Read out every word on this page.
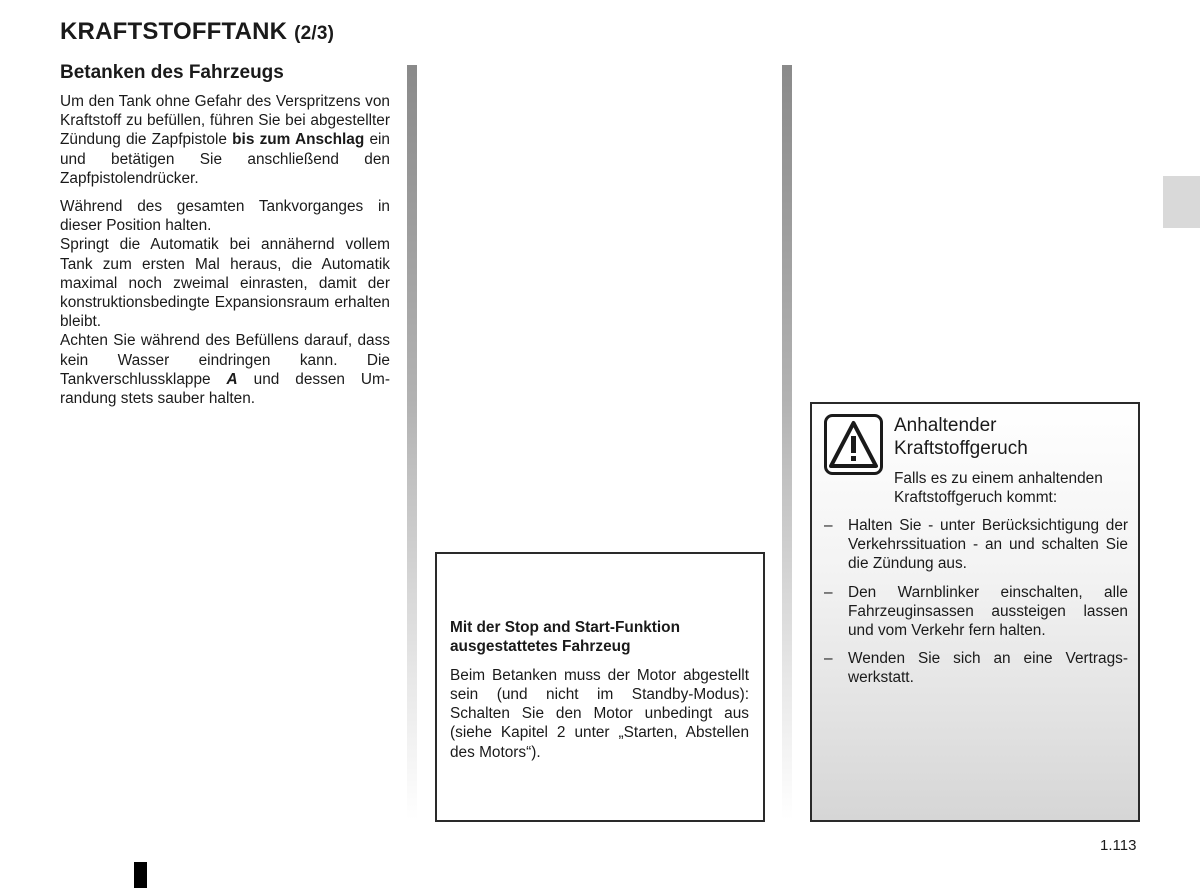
KRAFTSTOFFTANK (2/3)
Betanken des Fahrzeugs

Um den Tank ohne Gefahr des Verspritzens von Kraftstoff zu befüllen, führen Sie bei abgestellter Zündung die Zapfpistole bis zum Anschlag ein und betätigen Sie anschließend den Zapfpistolendrücker.

Während des gesamten Tankvorganges in dieser Position halten.

Springt die Automatik bei annähernd vollem Tank zum ersten Mal heraus, die Automatik maximal noch zweimal einrasten, damit der konstruktionsbedingte Expansionsraum erhalten bleibt.

Achten Sie während des Befüllens darauf, dass kein Wasser eindringen kann. Die Tankverschlussklappe A und dessen Umrandung stets sauber halten.

Mit der Stop and Start-Funktion ausgestattetes Fahrzeug

Beim Betanken muss der Motor abgestellt sein (und nicht im Standby-Modus): Schalten Sie den Motor unbedingt aus (siehe Kapitel 2 unter „Starten, Abstellen des Motors“).

Anhaltender Kraftstoffgeruch
Falls es zu einem anhaltenden Kraftstoffgeruch kommt:
– Halten Sie - unter Berücksichtigung der Verkehrssituation - an und schalten Sie die Zündung aus.
– Den Warnblinker einschalten, alle Fahrzeuginsassen aussteigen lassen und vom Verkehr fern halten.
– Wenden Sie sich an eine Vertragswerkstatt.
1.113
